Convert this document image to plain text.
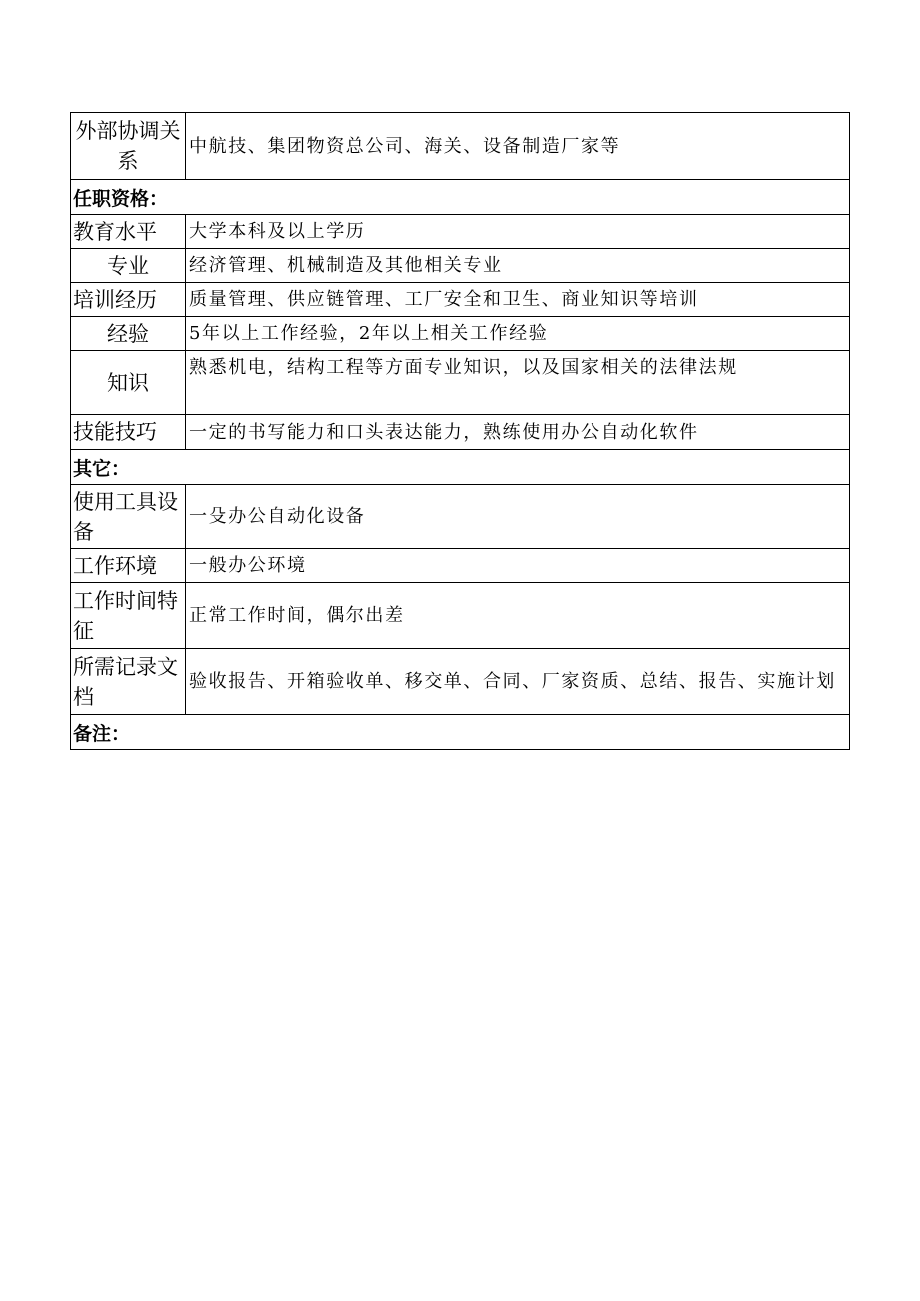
外部协调关系	中航技、集团物资总公司、海关、设备制造厂家等
任职资格：	
教育水平	大学本科及以上学历
专业	经济管理、机械制造及其他相关专业
培训经历	质量管理、供应链管理、工厂安全和卫生、商业知识等培训
经验	5年以上工作经验，2年以上相关工作经验
知识	熟悉机电，结构工程等方面专业知识，以及国家相关的法律法规
技能技巧	一定的书写能力和口头表达能力，熟练使用办公自动化软件
其它：	
使用工具设备	一殳办公自动化设备
工作环境	一般办公环境
工作时间特征	正常工作时间，偶尔出差
所需记录文档	验收报告、开箱验收单、移交单、合同、厂家资质、总结、报告、实施计划
备注：	
